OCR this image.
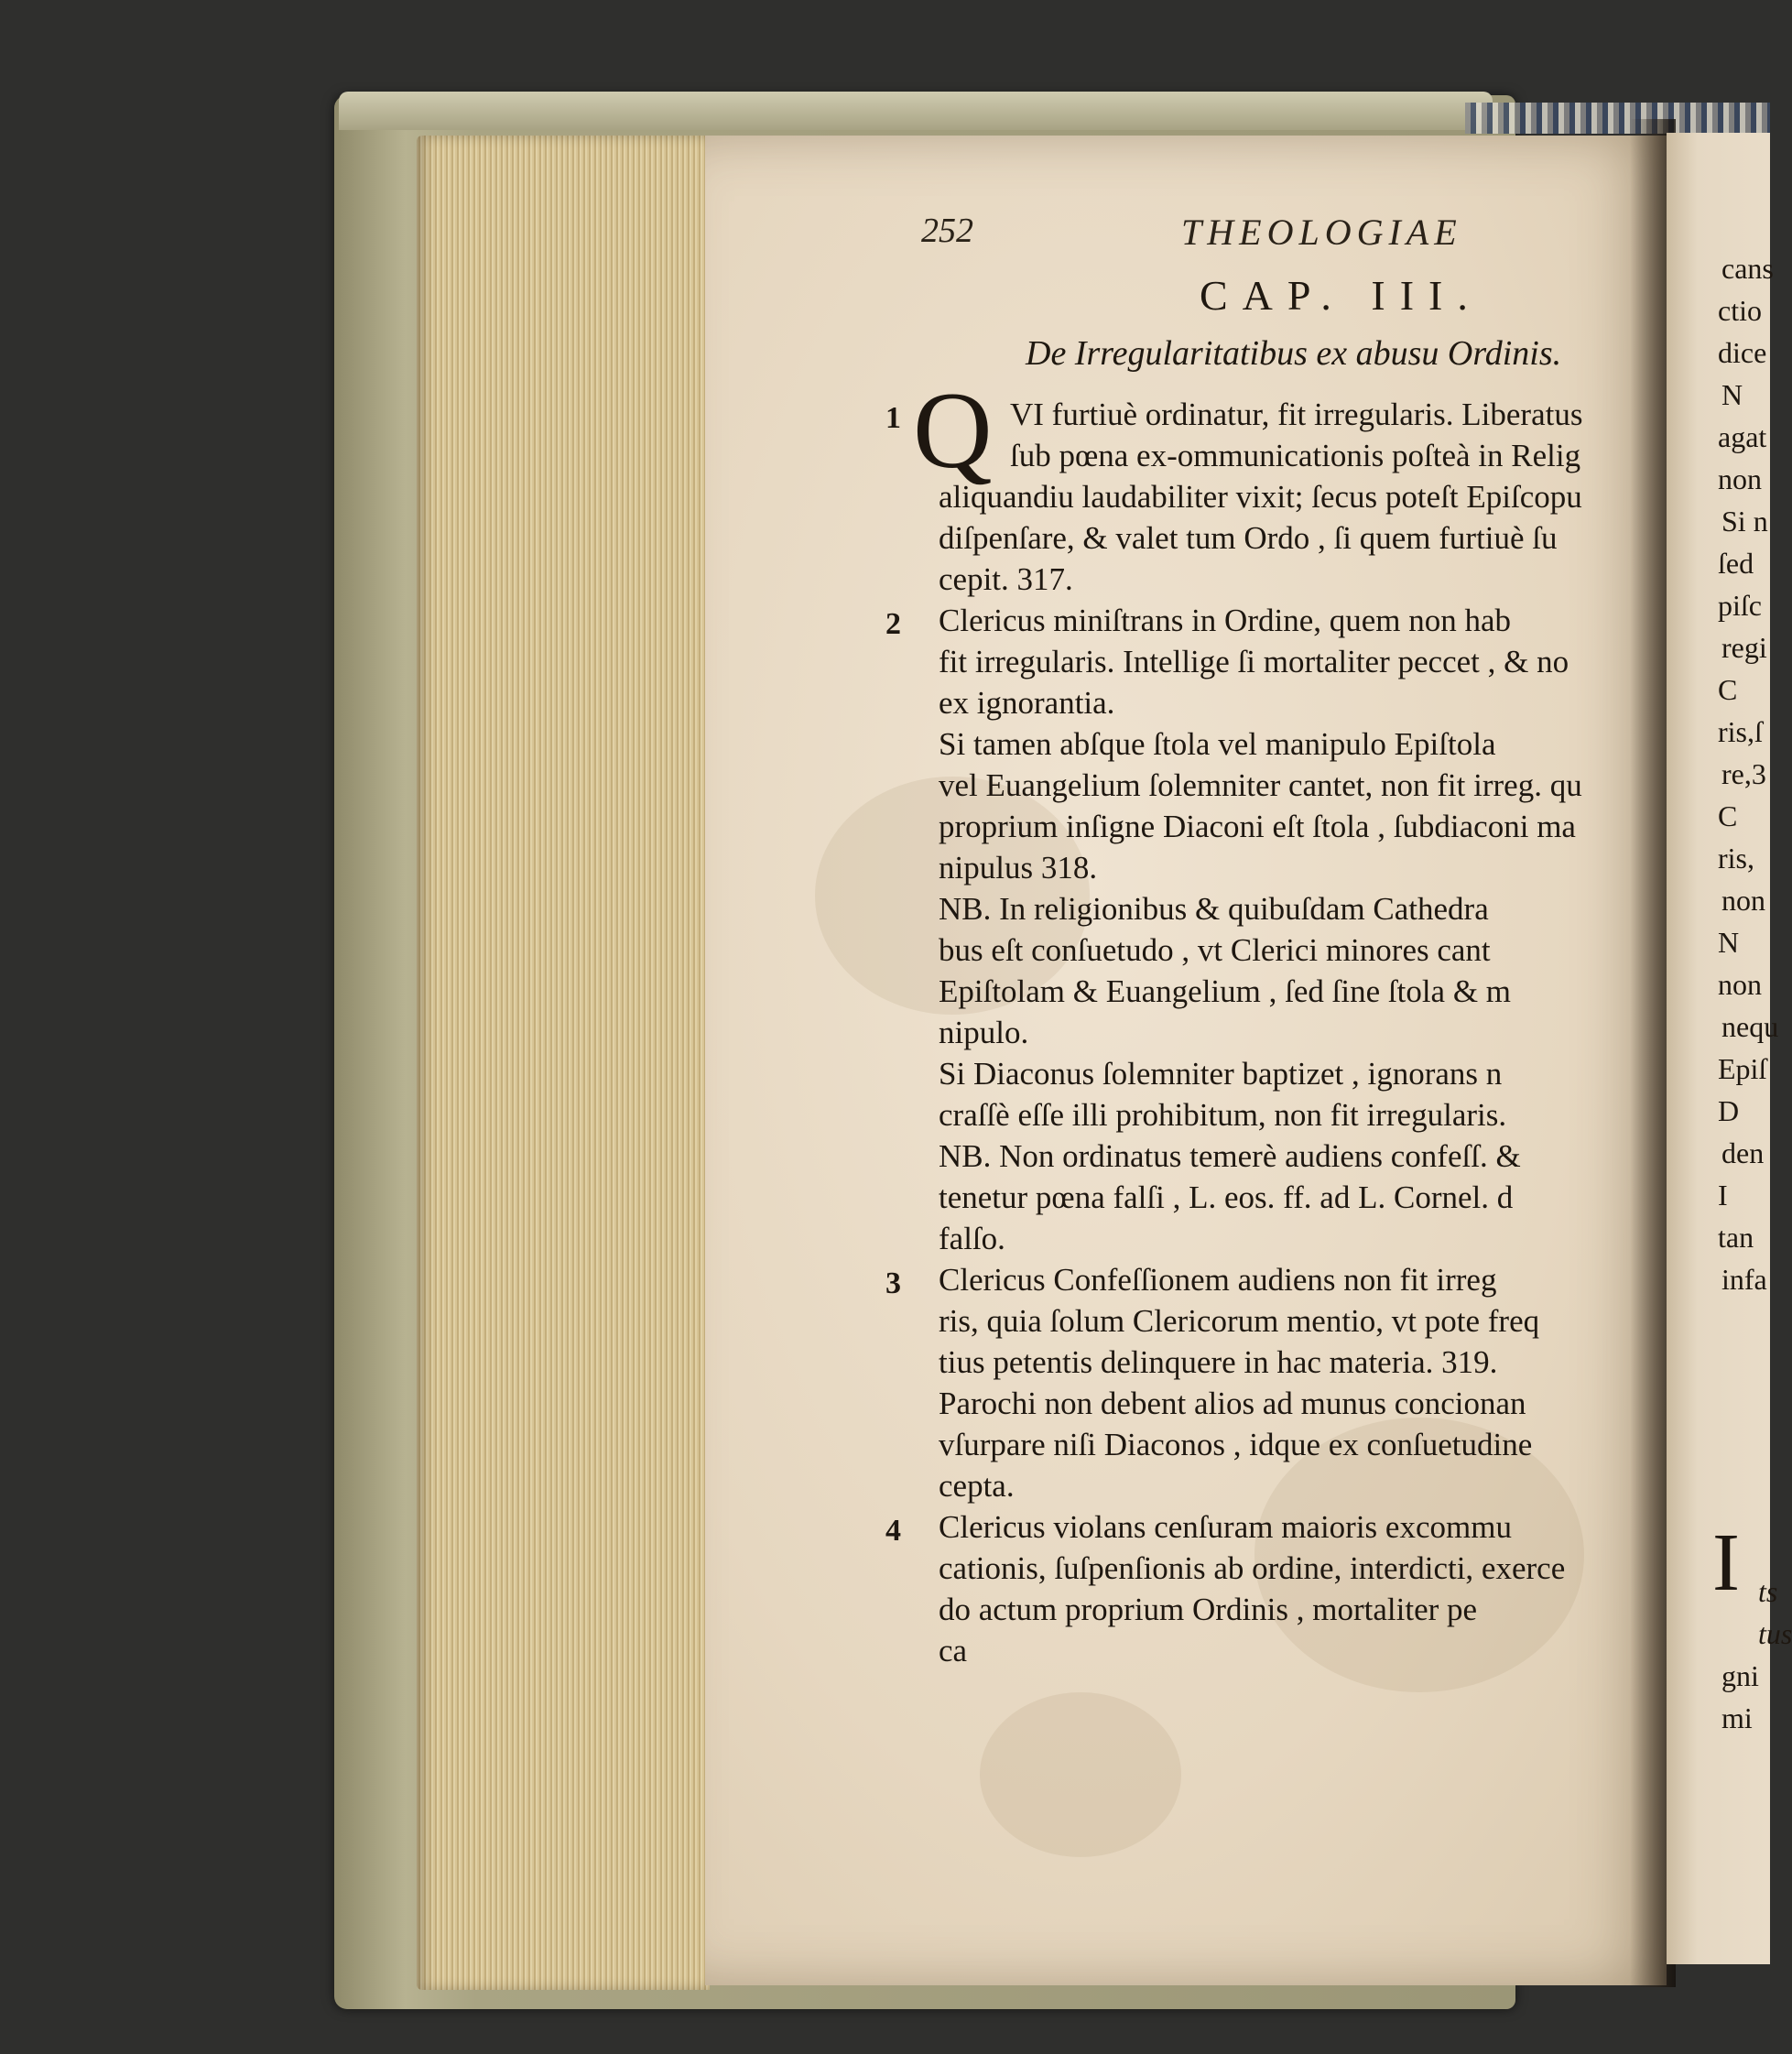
252	THEOLOGIAE
CAP. III.
De Irregularitatibus ex abusu Ordinis.
Q VI furtiuè ordinatur, fit irregularis. Liberatus
1
ſub pœna ex-ommunicationis poſteà in Relig
aliquandiu laudabiliter vixit; ſecus poteſt Epiſcopu
diſpenſare, & valet tum Ordo , ſi quem furtiuè ſu
cepit. 317.
Clericus miniſtrans in Ordine, quem non hab
2
fit irregularis. Intellige ſi mortaliter peccet , & no
ex ignorantia.
Si tamen abſque ſtola vel manipulo Epiſtola
vel Euangelium ſolemniter cantet, non fit irreg. qu
proprium inſigne Diaconi eſt ſtola , ſubdiaconi ma
nipulus 318.
NB. In religionibus & quibuſdam Cathedra
bus eſt conſuetudo , vt Clerici minores cant
Epiſtolam & Euangelium , ſed ſine ſtola & m
nipulo.
Si Diaconus ſolemniter baptizet , ignorans n
craſſè eſſe illi prohibitum, non fit irregularis.
NB. Non ordinatus temerè audiens confeſſ. &
tenetur pœna falſi , L. eos. ff. ad L. Cornel. d
falſo.
Clericus Confeſſionem audiens non fit irreg
3
ris, quia ſolum Clericorum mentio, vt pote freq
tius petentis delinquere in hac materia. 319.
Parochi non debent alios ad munus concionan
vſurpare niſi Diaconos , idque ex conſuetudine
cepta.
Clericus violans cenſuram maioris excommu
4
cationis, ſuſpenſionis ab ordine, interdicti, exerce
do actum proprium Ordinis , mortaliter pe
ca
I
cans
ctio
dice
N
agat
non
Si n
ſed
piſc
regi
C
ris,ſ
re,3
C
ris,
non
N
non
nequ
Epiſ
D
den
I
tan
infa
ts
tus
gni
mi
